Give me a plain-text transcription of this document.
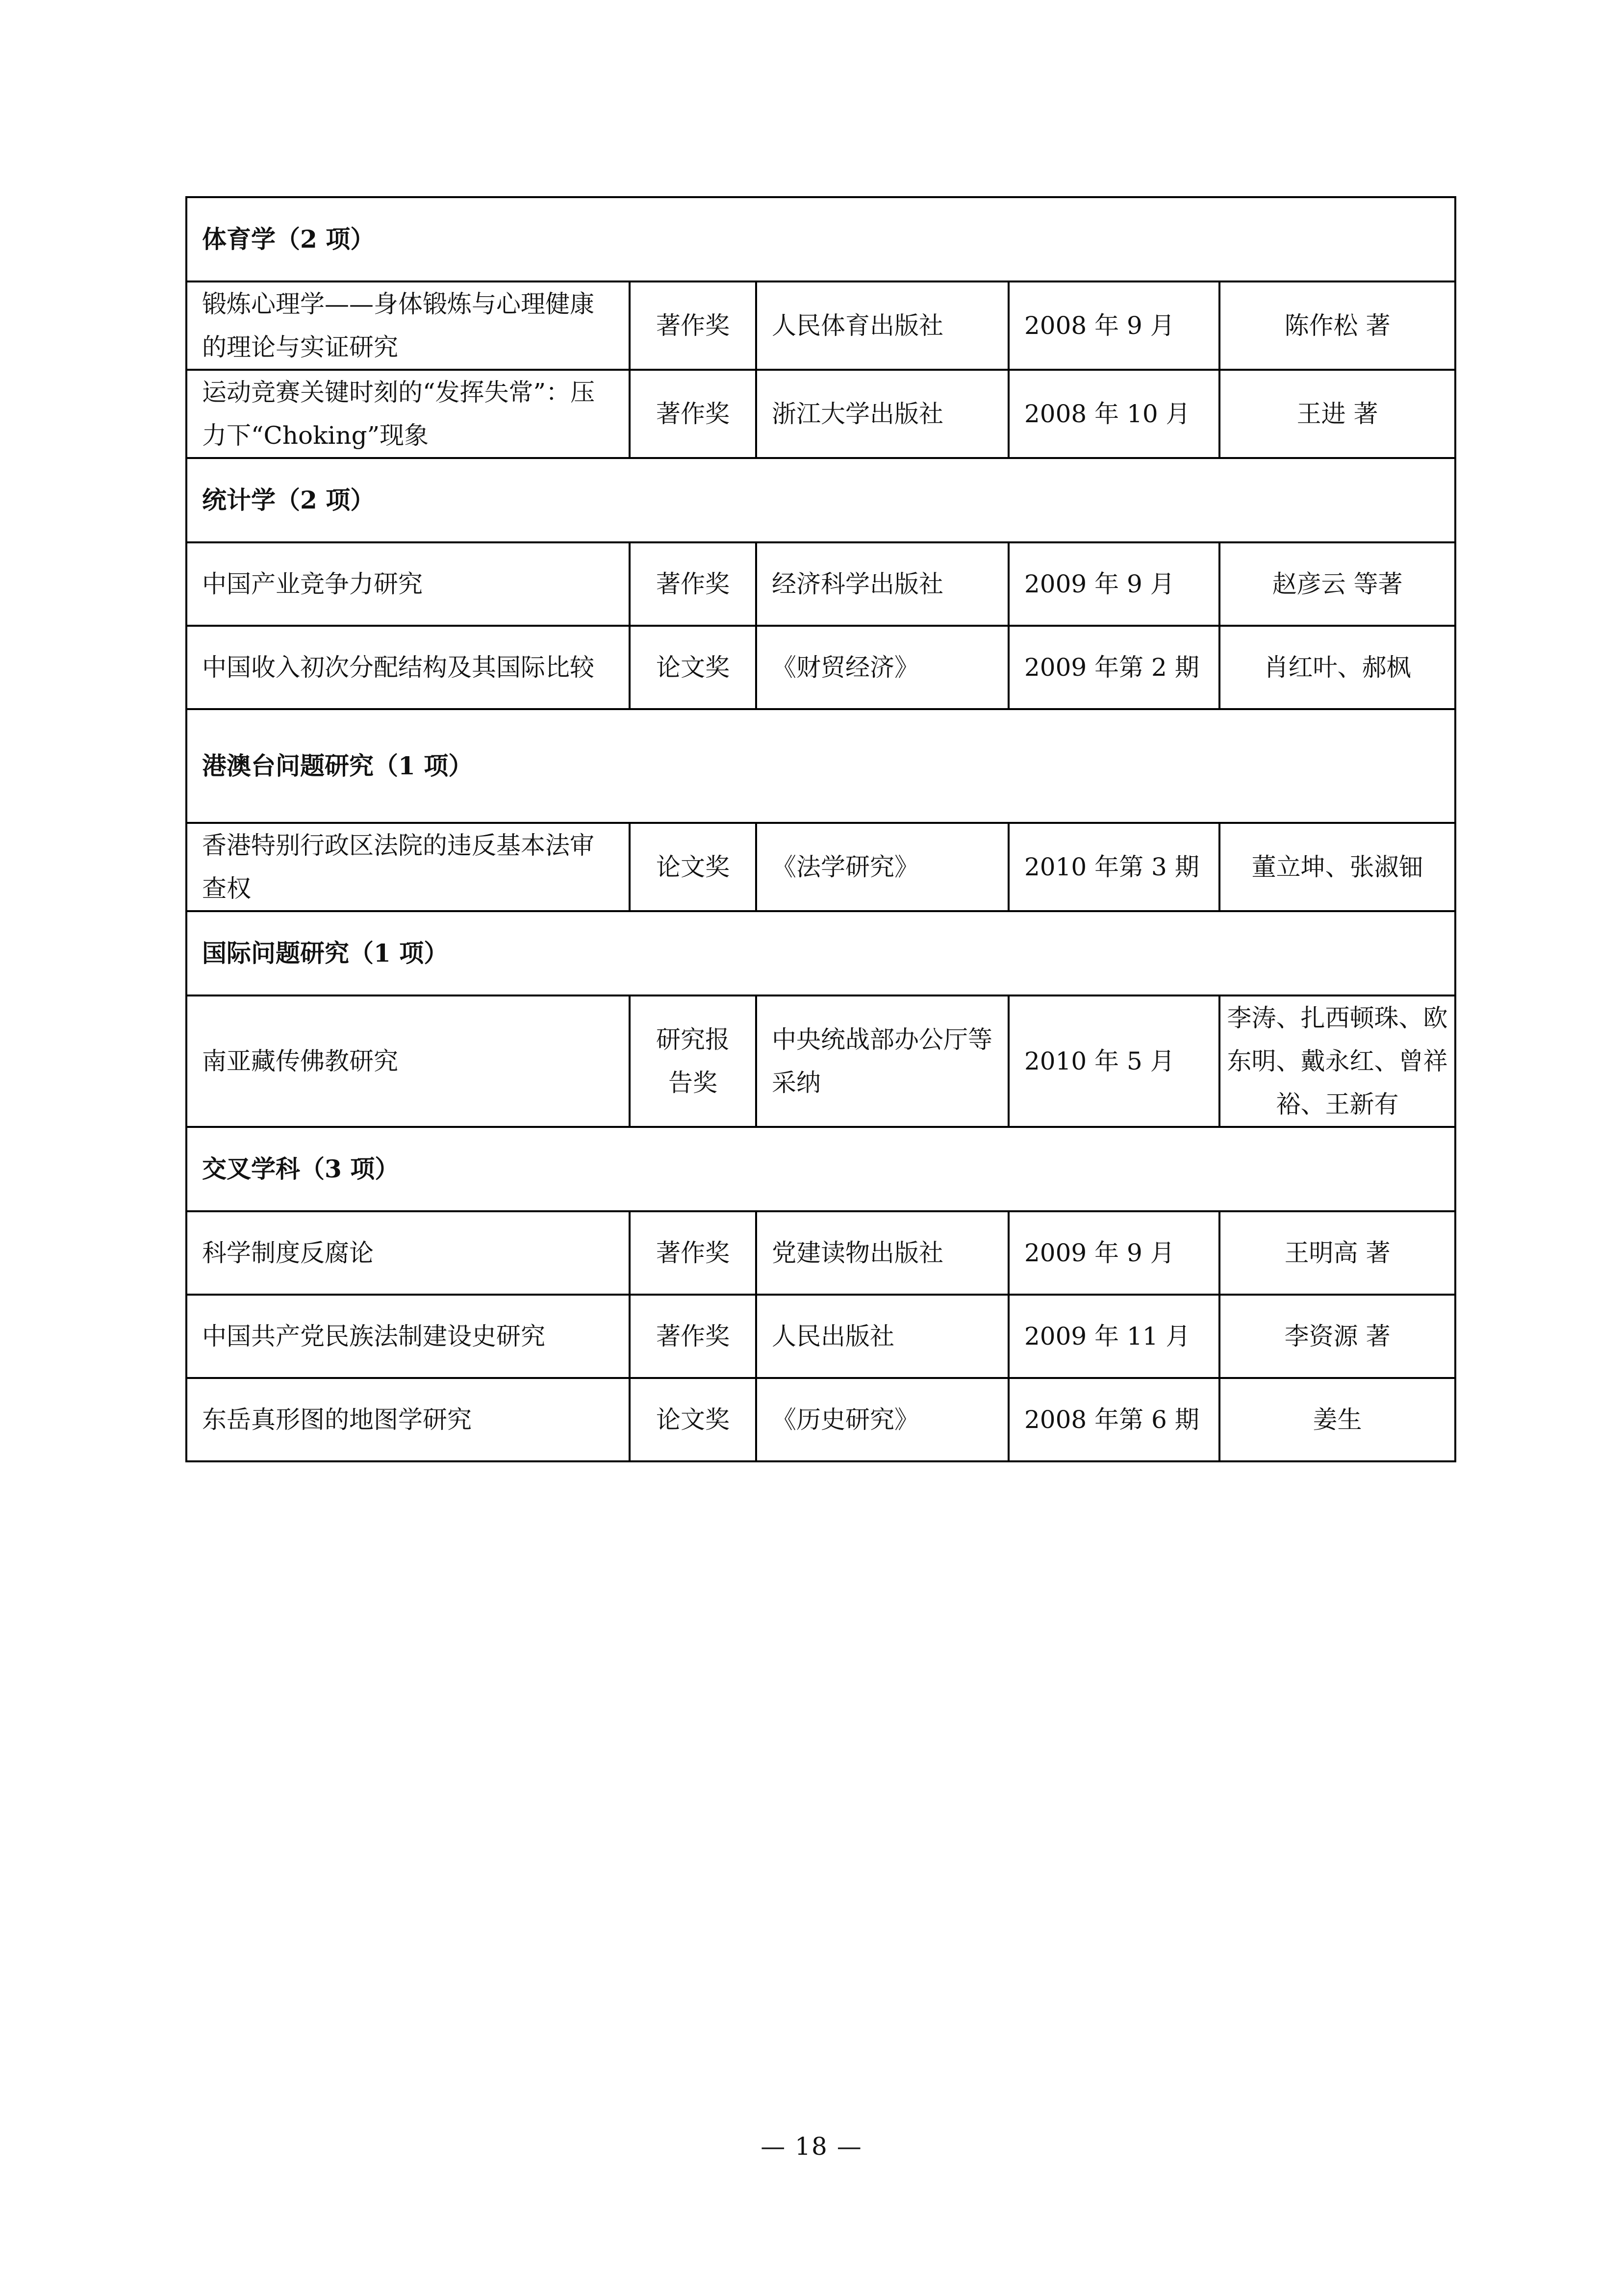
体育学（2 项）				
锻炼心理学——身体锻炼与心理健康的理论与实证研究	著作奖	人民体育出版社	2008 年 9 月	陈作松 著
运动竞赛关键时刻的“发挥失常”：压力下“Choking”现象	著作奖	浙江大学出版社	2008 年 10 月	王进 著
统计学（2 项）				
中国产业竞争力研究	著作奖	经济科学出版社	2009 年 9 月	赵彦云 等著
中国收入初次分配结构及其国际比较	论文奖	《财贸经济》	2009 年第 2 期	肖红叶、郝枫
港澳台问题研究（1 项）				
香港特别行政区法院的违反基本法审查权	论文奖	《法学研究》	2010 年第 3 期	董立坤、张淑钿
国际问题研究（1 项）				
南亚藏传佛教研究	研究报告奖	中央统战部办公厅等采纳	2010 年 5 月	李涛、扎西顿珠、欧东明、戴永红、曾祥裕、王新有
交叉学科（3 项）				
科学制度反腐论	著作奖	党建读物出版社	2009 年 9 月	王明高 著
中国共产党民族法制建设史研究	著作奖	人民出版社	2009 年 11 月	李资源 著
东岳真形图的地图学研究	论文奖	《历史研究》	2008 年第 6 期	姜生
— 18 —
